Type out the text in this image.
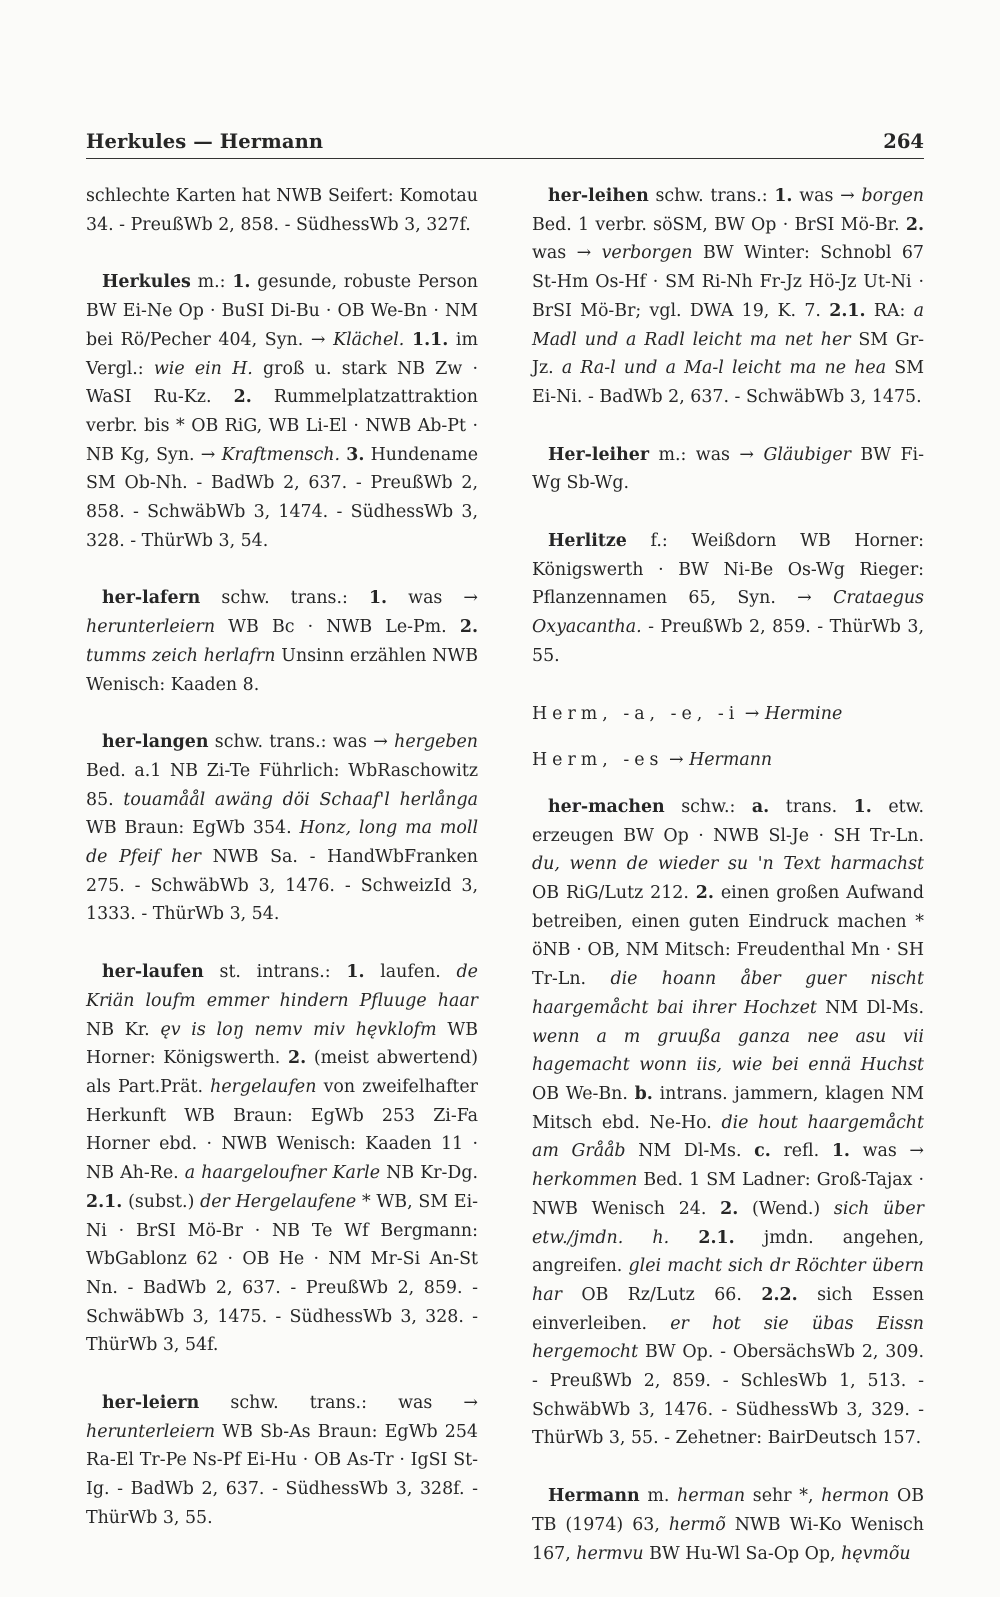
Herkules — Hermann	264

schlechte Karten hat NWB Seifert: Komotau 34. - PreußWb 2, 858. - SüdhessWb 3, 327f.

Herkules m.: 1. gesunde, robuste Person BW Ei-Ne Op · BuSI Di-Bu · OB We-Bn · NM bei Rö/Pecher 404, Syn. → Klächel. 1.1. im Vergl.: wie ein H. groß u. stark NB Zw · WaSI Ru-Kz. 2. Rummelplatzattraktion verbr. bis * OB RiG, WB Li-El · NWB Ab-Pt · NB Kg, Syn. → Kraftmensch. 3. Hundename SM Ob-Nh. - BadWb 2, 637. - PreußWb 2, 858. - SchwäbWb 3, 1474. - SüdhessWb 3, 328. - ThürWb 3, 54.

her-lafern schw. trans.: 1. was → herunterleiern WB Bc · NWB Le-Pm. 2. tumms zeich herlafrn Unsinn erzählen NWB Wenisch: Kaaden 8.

her-langen schw. trans.: was → hergeben Bed. a.1 NB Zi-Te Führlich: WbRaschowitz 85. touamåål awäng döi Schaaf'l herlånga WB Braun: EgWb 354. Honz, long ma moll de Pfeif her NWB Sa. - HandWbFranken 275. - SchwäbWb 3, 1476. - SchweizId 3, 1333. - ThürWb 3, 54.

her-laufen st. intrans.: 1. laufen. de Kriän loufm emmer hindern Pfluuge haar NB Kr. ęv is loŋ nemv miv hęvklofm WB Horner: Königswerth. 2. (meist abwertend) als Part.Prät. hergelaufen von zweifelhafter Herkunft WB Braun: EgWb 253 Zi-Fa Horner ebd. · NWB Wenisch: Kaaden 11 · NB Ah-Re. a haargeloufner Karle NB Kr-Dg. 2.1. (subst.) der Hergelaufene * WB, SM Ei-Ni · BrSI Mö-Br · NB Te Wf Bergmann: WbGablonz 62 · OB He · NM Mr-Si An-St Nn. - BadWb 2, 637. - PreußWb 2, 859. - SchwäbWb 3, 1475. - SüdhessWb 3, 328. - ThürWb 3, 54f.

her-leiern schw. trans.: was → herunterleiern WB Sb-As Braun: EgWb 254 Ra-El Tr-Pe Ns-Pf Ei-Hu · OB As-Tr · IgSI St-Ig. - BadWb 2, 637. - SüdhessWb 3, 328f. - ThürWb 3, 55.

her-leihen schw. trans.: 1. was → borgen Bed. 1 verbr. söSM, BW Op · BrSI Mö-Br. 2. was → verborgen BW Winter: Schnobl 67 St-Hm Os-Hf · SM Ri-Nh Fr-Jz Hö-Jz Ut-Ni · BrSI Mö-Br; vgl. DWA 19, K. 7. 2.1. RA: a Madl und a Radl leicht ma net her SM Gr-Jz. a Ra-l und a Ma-l leicht ma ne hea SM Ei-Ni. - BadWb 2, 637. - SchwäbWb 3, 1475.

Her-leiher m.: was → Gläubiger BW Fi-Wg Sb-Wg.

Herlitze f.: Weißdorn WB Horner: Königswerth · BW Ni-Be Os-Wg Rieger: Pflanzennamen 65, Syn. → Crataegus Oxyacantha. - PreußWb 2, 859. - ThürWb 3, 55.

Herm, -a, -e, -i → Hermine

Herm, -es → Hermann

her-machen schw.: a. trans. 1. etw. erzeugen BW Op · NWB Sl-Je · SH Tr-Ln. du, wenn de wieder su 'n Text harmachst OB RiG/Lutz 212. 2. einen großen Aufwand betreiben, einen guten Eindruck machen * öNB · OB, NM Mitsch: Freudenthal Mn · SH Tr-Ln. die hoann åber guer nischt haargemåcht bai ihrer Hochzet NM Dl-Ms. wenn a m gruußa ganza nee asu vii hagemacht wonn iis, wie bei ennä Huchst OB We-Bn. b. intrans. jammern, klagen NM Mitsch ebd. Ne-Ho. die hout haargemåcht am Grååb NM Dl-Ms. c. refl. 1. was → herkommen Bed. 1 SM Ladner: Groß-Tajax · NWB Wenisch 24. 2. (Wend.) sich über etw./jmdn. h. 2.1. jmdn. angehen, angreifen. glei macht sich dr Röchter übern har OB Rz/Lutz 66. 2.2. sich Essen einverleiben. er hot sie übas Eissn hergemocht BW Op. - ObersächsWb 2, 309. - PreußWb 2, 859. - SchlesWb 1, 513. - SchwäbWb 3, 1476. - SüdhessWb 3, 329. - ThürWb 3, 55. - Zehetner: BairDeutsch 157.

Hermann m. herman sehr *, hermon OB TB (1974) 63, hermõ NWB Wi-Ko Wenisch 167, hermvu BW Hu-Wl Sa-Op Op, hęvmõu
